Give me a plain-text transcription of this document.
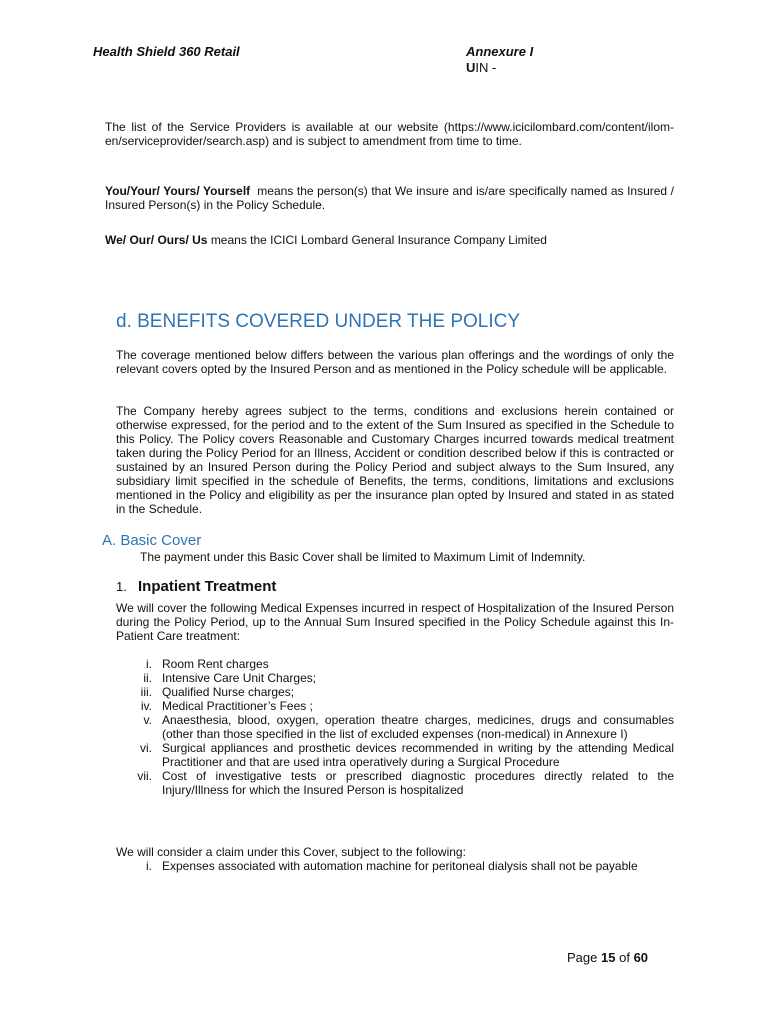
Health Shield 360 Retail	Annexure I
UIN -
The list of the Service Providers is available at our website (https://www.icicilombard.com/content/ilom-en/serviceprovider/search.asp) and is subject to amendment from time to time.
You/Your/ Yours/ Yourself means the person(s) that We insure and is/are specifically named as Insured / Insured Person(s) in the Policy Schedule.
We/ Our/ Ours/ Us means the ICICI Lombard General Insurance Company Limited
d. BENEFITS COVERED UNDER THE POLICY
The coverage mentioned below differs between the various plan offerings and the wordings of only the relevant covers opted by the Insured Person and as mentioned in the Policy schedule will be applicable.
The Company hereby agrees subject to the terms, conditions and exclusions herein contained or otherwise expressed, for the period and to the extent of the Sum Insured as specified in the Schedule to this Policy. The Policy covers Reasonable and Customary Charges incurred towards medical treatment taken during the Policy Period for an Illness, Accident or condition described below if this is contracted or sustained by an Insured Person during the Policy Period and subject always to the Sum Insured, any subsidiary limit specified in the schedule of Benefits, the terms, conditions, limitations and exclusions mentioned in the Policy and eligibility as per the insurance plan opted by Insured and stated in as stated in the Schedule.
A. Basic Cover
The payment under this Basic Cover shall be limited to Maximum Limit of Indemnity.
1. Inpatient Treatment
We will cover the following Medical Expenses incurred in respect of Hospitalization of the Insured Person during the Policy Period, up to the Annual Sum Insured specified in the Policy Schedule against this In-Patient Care treatment:
i. Room Rent charges
ii. Intensive Care Unit Charges;
iii. Qualified Nurse charges;
iv. Medical Practitioner’s Fees ;
v. Anaesthesia, blood, oxygen, operation theatre charges, medicines, drugs and consumables (other than those specified in the list of excluded expenses (non-medical) in Annexure I)
vi. Surgical appliances and prosthetic devices recommended in writing by the attending Medical Practitioner and that are used intra operatively during a Surgical Procedure
vii. Cost of investigative tests or prescribed diagnostic procedures directly related to the Injury/Illness for which the Insured Person is hospitalized
We will consider a claim under this Cover, subject to the following:
i. Expenses associated with automation machine for peritoneal dialysis shall not be payable
Page 15 of 60
